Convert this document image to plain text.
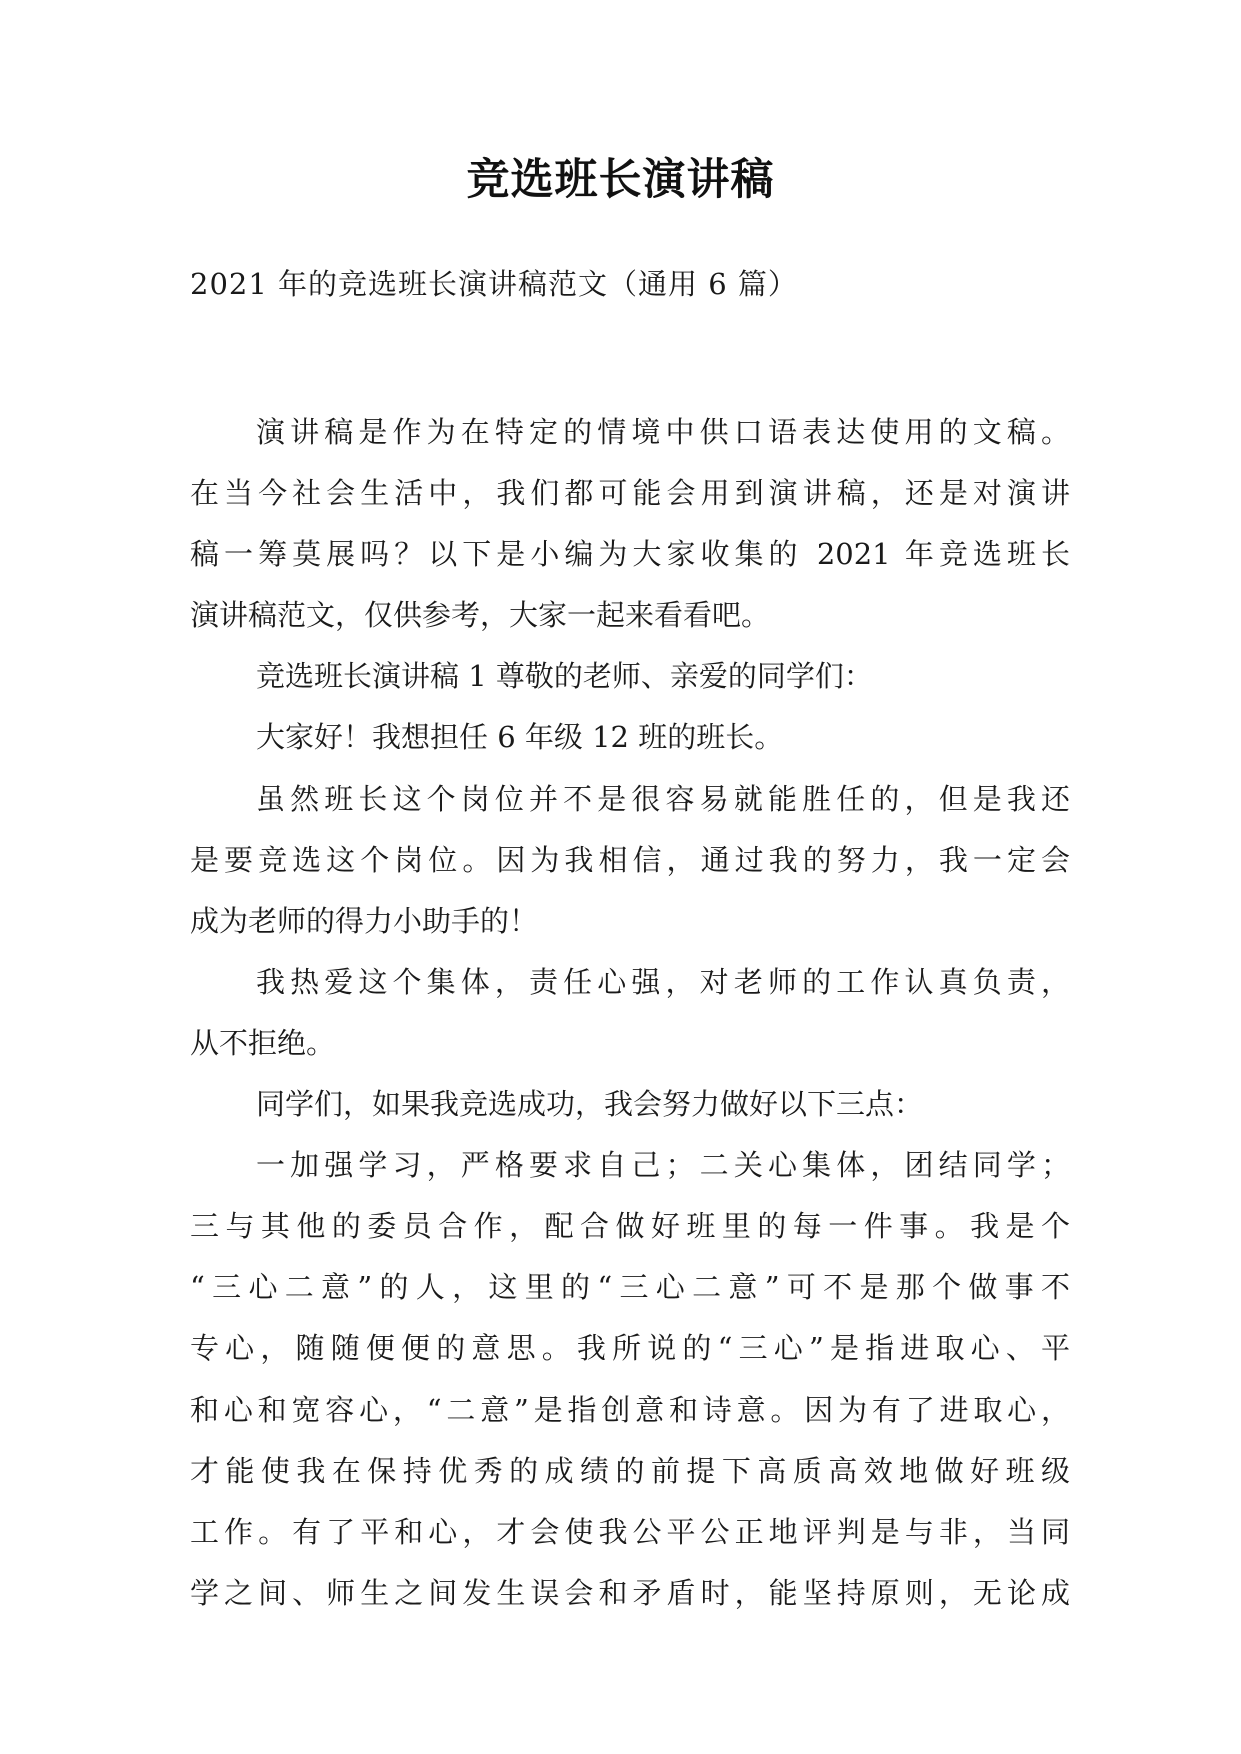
竞选班长演讲稿

2021 年的竞选班长演讲稿范文（通用 6 篇）

演讲稿是作为在特定的情境中供口语表达使用的文稿。
在当今社会生活中，我们都可能会用到演讲稿，还是对演讲
稿一筹莫展吗？以下是小编为大家收集的 2021 年竞选班长
演讲稿范文，仅供参考，大家一起来看看吧。
竞选班长演讲稿 1 尊敬的老师、亲爱的同学们：
大家好！我想担任 6 年级 12 班的班长。
虽然班长这个岗位并不是很容易就能胜任的，但是我还
是要竞选这个岗位。因为我相信，通过我的努力，我一定会
成为老师的得力小助手的！
我热爱这个集体，责任心强，对老师的工作认真负责，
从不拒绝。
同学们，如果我竞选成功，我会努力做好以下三点：
一加强学习，严格要求自己；二关心集体，团结同学；
三与其他的委员合作，配合做好班里的每一件事。我是个
“三心二意”的人，这里的“三心二意”可不是那个做事不
专心，随随便便的意思。我所说的“三心”是指进取心、平
和心和宽容心，“二意”是指创意和诗意。因为有了进取心，
才能使我在保持优秀的成绩的前提下高质高效地做好班级
工作。有了平和心，才会使我公平公正地评判是与非，当同
学之间、师生之间发生误会和矛盾时，能坚持原则，无论成
